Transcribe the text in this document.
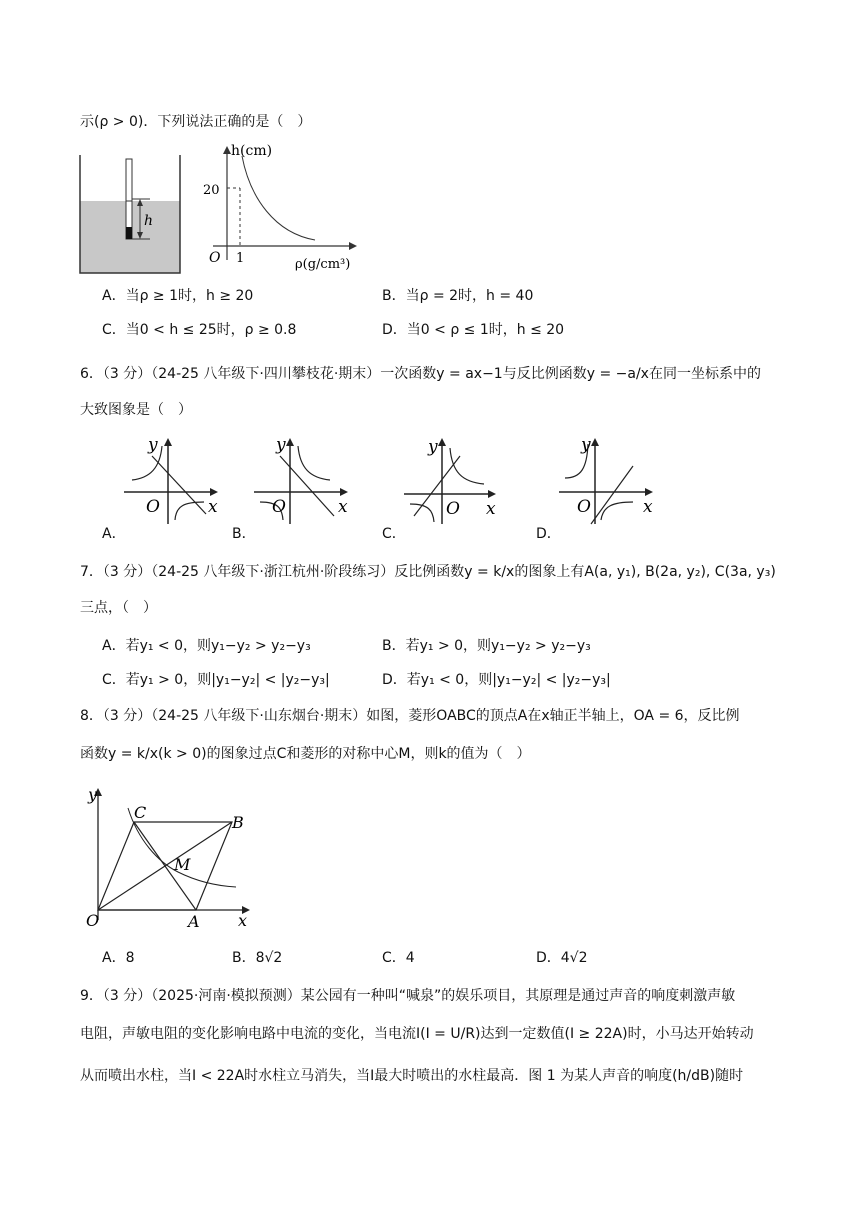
示(ρ > 0)．下列说法正确的是（　）
h
h(cm)
20
O 1	ρ(g/cm³)
A．当ρ ≥ 1时，h ≥ 20	B．当ρ = 2时，h = 40
C．当0 < h ≤ 25时，ρ ≥ 0.8	D．当0 < ρ ≤ 1时，h ≤ 20
6．（3 分）（24-25 八年级下·四川攀枝花·期末）一次函数y = ax−1与反比例函数y = −a/x在同一坐标系中的
大致图象是（　）
y
O	x
y
O	x
y
O x
y
O	x
A．	B．	C．	D．
7．（3 分）（24-25 八年级下·浙江杭州·阶段练习）反比例函数y = k/x的图象上有A(a, y₁), B(2a, y₂), C(3a, y₃)
三点，（　）
A．若y₁ < 0，则y₁−y₂ > y₂−y₃	B．若y₁ > 0，则y₁−y₂ > y₂−y₃
C．若y₁ > 0，则|y₁−y₂| < |y₂−y₃|	D．若y₁ < 0，则|y₁−y₂| < |y₂−y₃|
8．（3 分）（24-25 八年级下·山东烟台·期末）如图，菱形OABC的顶点A在x轴正半轴上，OA = 6，反比例
函数y = k/x(k > 0)的图象过点C和菱形的对称中心M，则k的值为（　）
y
x
O	A
B
C
M
A．8	B．8√2	C．4	D．4√2
9．（3 分）（2025·河南·模拟预测）某公园有一种叫“喊泉”的娱乐项目，其原理是通过声音的响度刺激声敏
电阻，声敏电阻的变化影响电路中电流的变化，当电流I(I = U/R)达到一定数值(I ≥ 22A)时，小马达开始转动
从而喷出水柱，当I < 22A时水柱立马消失，当I最大时喷出的水柱最高．图 1 为某人声音的响度(h/dB)随时
